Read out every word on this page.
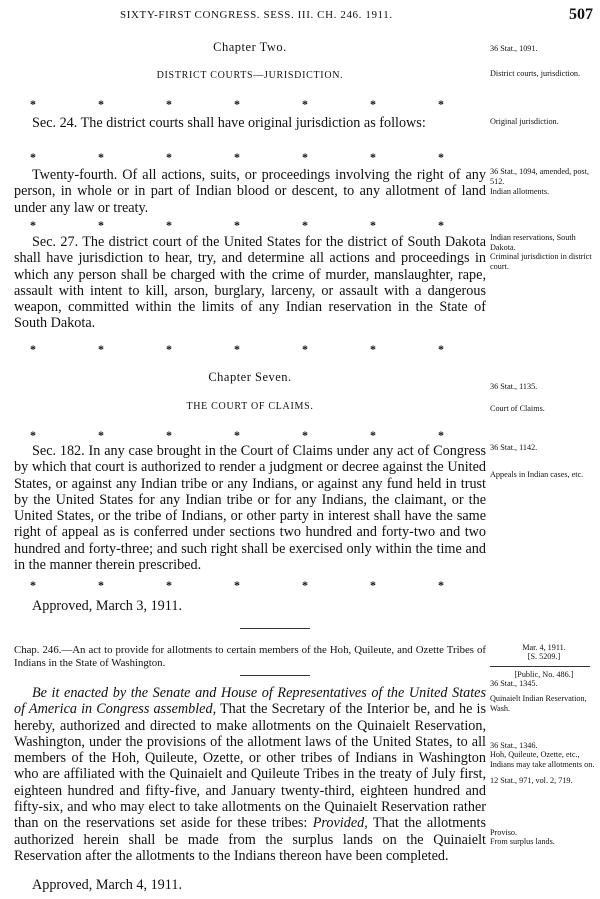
SIXTY-FIRST CONGRESS. SESS. III. CH. 246. 1911.	507
Chapter Two.
DISTRICT COURTS—JURISDICTION.
*	*	*	*	*	*	*

Sec. 24. The district courts shall have original jurisdiction as follows:

*	*	*	*	*	*	*

Twenty-fourth. Of all actions, suits, or proceedings involving the right of any person, in whole or in part of Indian blood or descent, to any allotment of land under any law or treaty.

*	*	*	*	*	*	*

Sec. 27. The district court of the United States for the district of South Dakota shall have jurisdiction to hear, try, and determine all actions and proceedings in which any person shall be charged with the crime of murder, manslaughter, rape, assault with intent to kill, arson, burglary, larceny, or assault with a dangerous weapon, committed within the limits of any Indian reservation in the State of South Dakota.

*	*	*	*	*	*	*
Chapter Seven.
THE COURT OF CLAIMS.
*	*	*	*	*	*	*

Sec. 182. In any case brought in the Court of Claims under any act of Congress by which that court is authorized to render a judgment or decree against the United States, or against any Indian tribe or any Indians, or against any fund held in trust by the United States for any Indian tribe or for any Indians, the claimant, or the United States, or the tribe of Indians, or other party in interest shall have the same right of appeal as is conferred under sections two hundred and forty-two and two hundred and forty-three; and such right shall be exercised only within the time and in the manner therein prescribed.

*	*	*	*	*	*	*

Approved, March 3, 1911.

Chap. 246.—An act to provide for allotments to certain members of the Hoh, Quileute, and Ozette Tribes of Indians in the State of Washington.

Be it enacted by the Senate and House of Representatives of the United States of America in Congress assembled, That the Secretary of the Interior be, and he is hereby, authorized and directed to make allotments on the Quinaielt Reservation, Washington, under the provisions of the allotment laws of the United States, to all members of the Hoh, Quileute, Ozette, or other tribes of Indians in Washington who are affiliated with the Quinaielt and Quileute Tribes in the treaty of July first, eighteen hundred and fifty-five, and January twenty-third, eighteen hundred and fifty-six, and who may elect to take allotments on the Quinaielt Reservation rather than on the reservations set aside for these tribes: Provided, That the allotments authorized herein shall be made from the surplus lands on the Quinaielt Reservation after the allotments to the Indians thereon have been completed.

Approved, March 4, 1911.

36 Stat., 1091.
District courts, jurisdiction.
Original jurisdiction.
36 Stat., 1094, amended, post, 512.
Indian allotments.
Indian reservations, South Dakota.
Criminal jurisdiction in district court.
36 Stat., 1135.
Court of Claims.
36 Stat., 1142.
Appeals in Indian cases, etc.
Mar. 4, 1911.
[S. 5209.]
[Public, No. 486.]
36 Stat., 1345.
Quinaielt Indian Reservation, Wash.
36 Stat., 1346.
Hoh, Quileute, Ozette, etc., Indians may take allotments on.
12 Stat., 971, vol. 2, 719.
Proviso.
From surplus lands.
